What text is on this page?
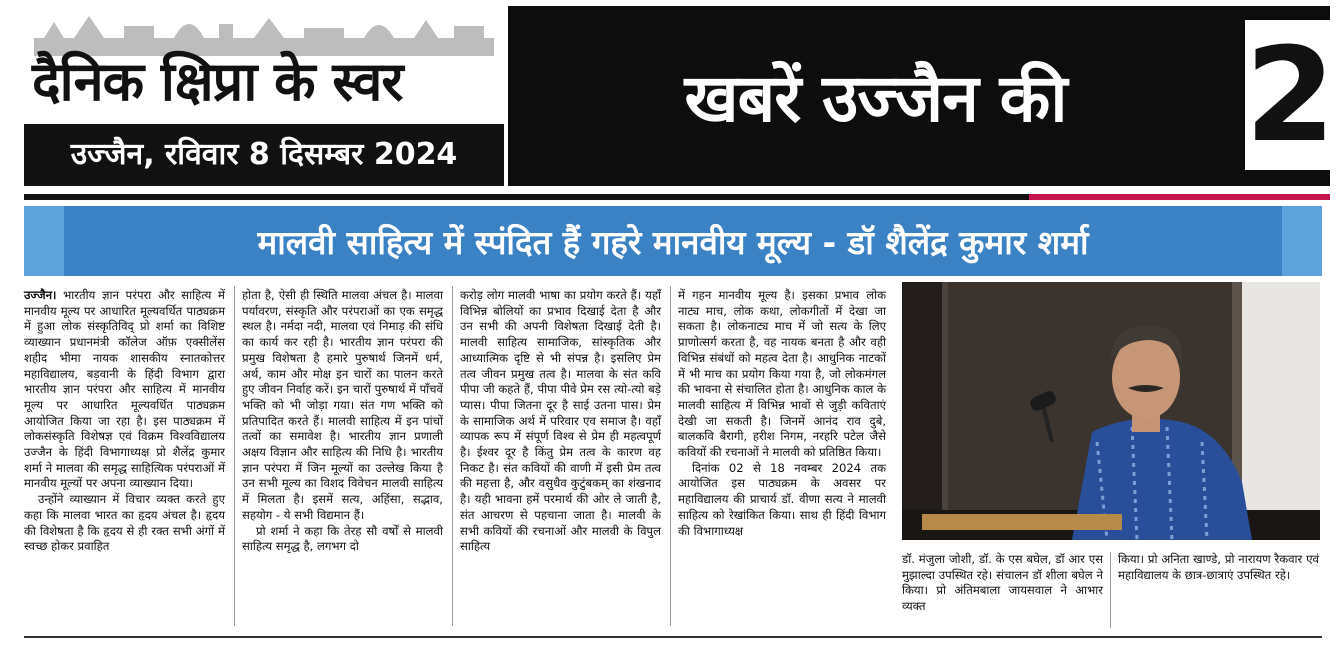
दैनिक क्षिप्रा के स्वर
उज्जैन, रविवार 8 दिसम्बर 2024
खबरें उज्जैन की	2
मालवी साहित्य में स्पंदित हैं गहरे मानवीय मूल्य - डॉ शैलेंद्र कुमार शर्मा

उज्जैन। भारतीय ज्ञान परंपरा और साहित्य में मानवीय मूल्य पर आधारित मूल्यवर्धित पाठ्यक्रम में हुआ लोक संस्कृतिविद् प्रो शर्मा का विशिष्ट व्याख्यान प्रधानमंत्री कॉलेज ऑफ़ एक्सीलेंस शहीद भीमा नायक शासकीय स्नातकोत्तर महाविद्यालय, बड़वानी के हिंदी विभाग द्वारा भारतीय ज्ञान परंपरा और साहित्य में मानवीय मूल्य पर आधारित मूल्यवर्धित पाठ्यक्रम आयोजित किया जा रहा है। इस पाठ्यक्रम में लोकसंस्कृति विशेषज्ञ एवं विक्रम विश्वविद्यालय उज्जैन के हिंदी विभागाध्यक्ष प्रो शैलेंद्र कुमार शर्मा ने मालवा की समृद्ध साहित्यिक परंपराओं में मानवीय मूल्यों पर अपना व्याख्यान दिया।

उन्होंने व्याख्यान में विचार व्यक्त करते हुए कहा कि मालवा भारत का हृदय अंचल है। हृदय की विशेषता है कि हृदय से ही रक्त सभी अंगों में स्वच्छ होकर प्रवाहित

होता है, ऐसी ही स्थिति मालवा अंचल है। मालवा पर्यावरण, संस्कृति और परंपराओं का एक समृद्ध स्थल है। नर्मदा नदी, मालवा एवं निमाड़ की संधि का कार्य कर रही है। भारतीय ज्ञान परंपरा की प्रमुख विशेषता है हमारे पुरुषार्थ जिनमें धर्म, अर्थ, काम और मोक्ष इन चारों का पालन करते हुए जीवन निर्वाह करें। इन चारों पुरुषार्थ में पाँचवें भक्ति को भी जोड़ा गया। संत गण भक्ति को प्रतिपादित करते हैं। मालवी साहित्य में इन पांचों तत्वों का समावेश है। भारतीय ज्ञान प्रणाली अक्षय विज्ञान और साहित्य की निधि है। भारतीय ज्ञान परंपरा में जिन मूल्यों का उल्लेख किया है उन सभी मूल्य का विशद विवेचन मालवी साहित्य में मिलता है। इसमें सत्य, अहिंसा, सद्भाव, सहयोग - ये सभी विद्यमान हैं।

प्रो शर्मा ने कहा कि तेरह सौ वर्षों से मालवी साहित्य समृद्ध है, लगभग दो

करोड़ लोग मालवी भाषा का प्रयोग करते हैं। यहाँ विभिन्न बोलियों का प्रभाव दिखाई देता है और उन सभी की अपनी विशेषता दिखाई देती है। मालवी साहित्य सामाजिक, सांस्कृतिक और आध्यात्मिक दृष्टि से भी संपन्न है। इसलिए प्रेम तत्व जीवन प्रमुख तत्व है। मालवा के संत कवि पीपा जी कहते हैं, पीपा पीवे प्रेम रस त्यो-त्यो बड़े प्यास। पीपा जितना दूर है साई उतना पास। प्रेम के सामाजिक अर्थ में परिवार एव समाज है। वहाँ व्यापक रूप में संपूर्ण विश्व से प्रेम ही महत्वपूर्ण है। ईश्वर दूर है किंतु प्रेम तत्व के कारण वह निकट है। संत कवियों की वाणी में इसी प्रेम तत्व की महत्ता है, और वसुधैव कुटुंबकम् का शंखनाद है। यही भावना हमें परमार्थ की ओर ले जाती है, संत आचरण से पहचाना जाता है। मालवी के सभी कवियों की रचनाओं और मालवी के विपुल साहित्य

में गहन मानवीय मूल्य है। इसका प्रभाव लोक नाट्य माच, लोक कथा, लोकगीतों में देखा जा सकता है। लोकनाट्य माच में जो सत्य के लिए प्राणोत्सर्ग करता है, वह नायक बनता है और वही विभिन्न संबंधों को महत्व देता है। आधुनिक नाटकों में भी माच का प्रयोग किया गया है, जो लोकमंगल की भावना से संचालित होता है। आधुनिक काल के मालवी साहित्य में विभिन्न भावों से जुड़ी कविताएं देखी जा सकती है। जिनमें आनंद राव दुबे, बालकवि बैरागी, हरीश निगम, नरहरि पटेल जैसे कवियों की रचनाओं ने मालवी को प्रतिष्ठित किया।

दिनांक 02 से 18 नवम्बर 2024 तक आयोजित इस पाठ्यक्रम के अवसर पर महाविद्यालय की प्राचार्य डॉ. वीणा सत्य ने मालवी साहित्य को रेखांकित किया। साथ ही हिंदी विभाग की विभागाध्यक्ष

डॉ. मंजुला जोशी, डॉ. के एस बघेल, डॉ आर एस मुझाल्दा उपस्थित रहे। संचालन डॉ शीला बघेल ने किया। प्रो अंतिमबाला जायसवाल ने आभार व्यक्त

किया। प्रो अनिता खाण्डे, प्रो नारायण रैकवार एवं महाविद्यालय के छात्र-छात्राएं उपस्थित रहे।
